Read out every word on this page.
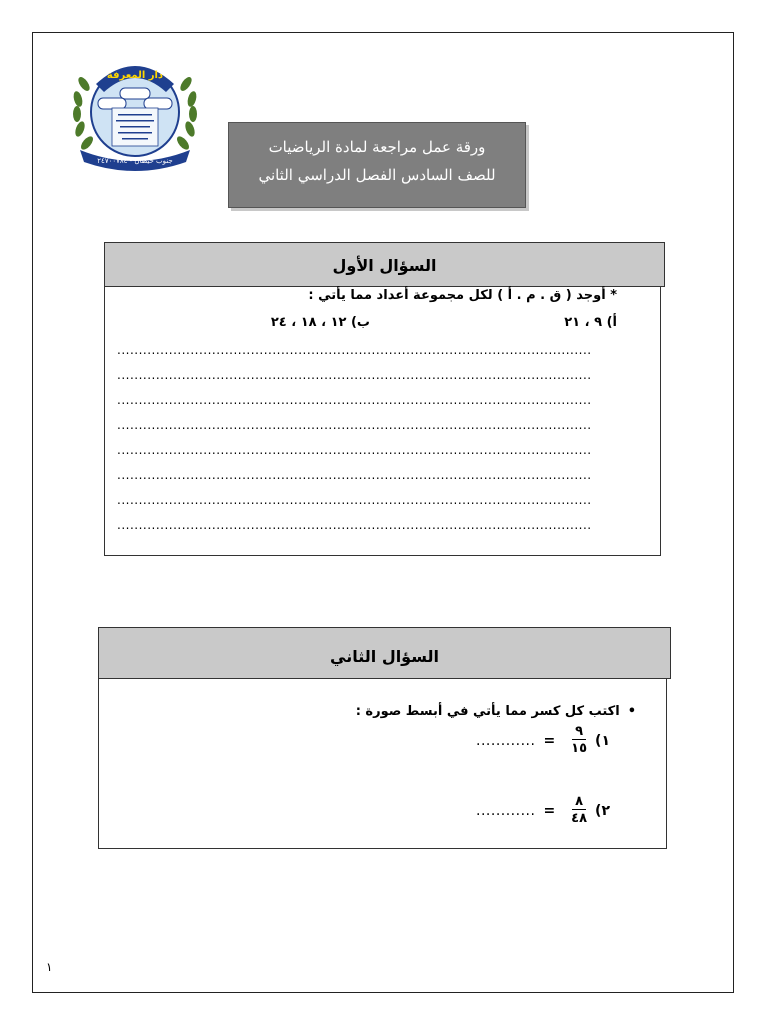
دار المعرفة
جنوب خيطان - ٢٤٧٠٠٧٨٤
ورقة عمل مراجعة لمادة الرياضيات
للصف السادس الفصل الدراسي الثاني
السؤال الأول
* أوجد ( ق . م . أ ) لكل مجموعة أعداد مما يأتي :
أ) ٩ ، ٢١
ب) ١٢ ، ١٨ ، ٢٤
..............................................................................................................
..............................................................................................................
..............................................................................................................
..............................................................................................................
..............................................................................................................
..............................................................................................................
..............................................................................................................
..............................................................................................................
السؤال الثاني
•اكتب كل كسر مما يأتي في أبسط صورة :
١)
$\frac{٩}{١٥}$
=
............
٢)
$\frac{٨}{٤٨}$
=
............
١
